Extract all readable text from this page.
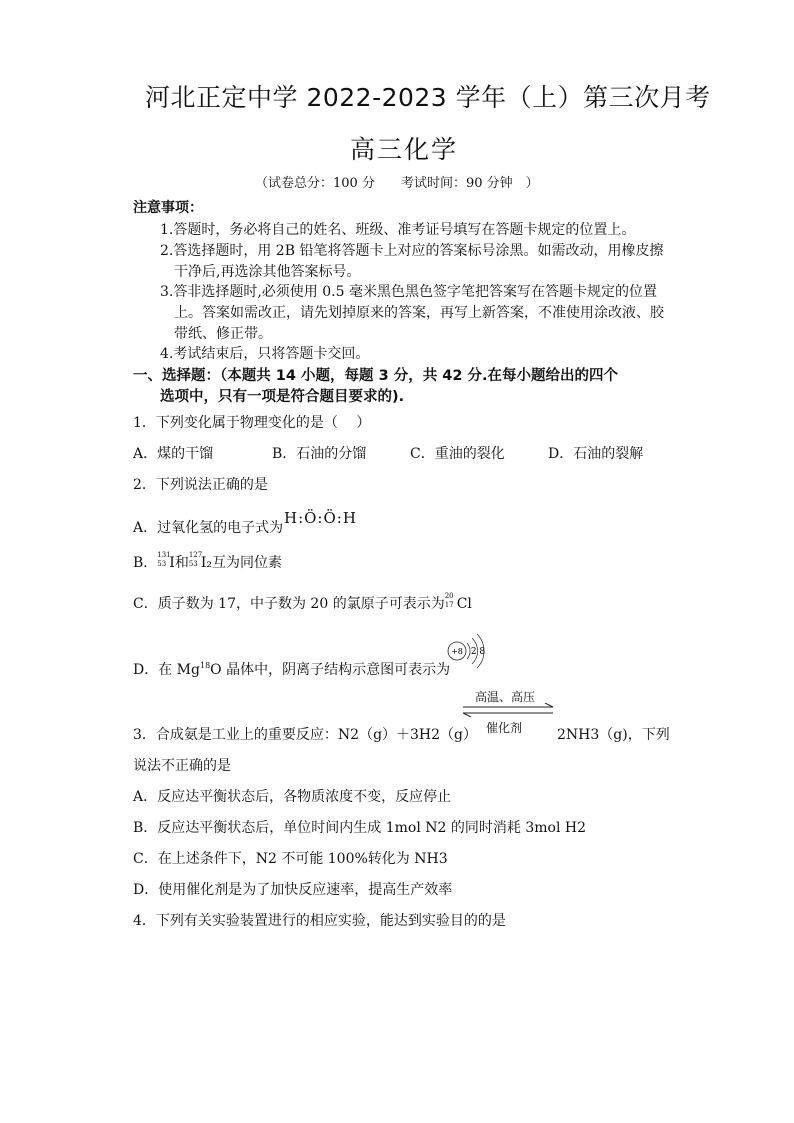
河北正定中学 2022-2023 学年（上）第三次月考
高三化学
（试卷总分：100 分　　考试时间：90 分钟　）
注意事项：
1.答题时，务必将自己的姓名、班级、准考证号填写在答题卡规定的位置上。
2.答选择题时，用 2B 铅笔将答题卡上对应的答案标号涂黑。如需改动，用橡皮擦
干净后,再选涂其他答案标号。
3.答非选择题时,必须使用 0.5 毫米黑色黑色签字笔把答案写在答题卡规定的位置
上。答案如需改正，请先划掉原来的答案，再写上新答案，不准使用涂改液、胶
带纸、修正带。
4.考试结束后，只将答题卡交回。
一、选择题：（本题共 14 小题，每题 3 分，共 42 分.在每小题给出的四个
选项中，只有一项是符合题目要求的).
1．下列变化属于物理变化的是（　 ）
A．煤的干馏	B．石油的分馏	C．重油的裂化	D．石油的裂解
2．下列说法正确的是
A．过氧化氢的电子式为
H:Ö:Ö:H
B． 131
53 I和 127
53 I₂互为同位素
C．质子数为 17，中子数为 20 的氯原子可表示为 20
17 Cl
D．在 Mg$^{18}$O 晶体中，阴离子结构示意图可表示为
+8 2 8
高温、高压
催化剂
3．合成氨是工业上的重要反应：N2（g）＋3H2（g）	2NH3（g)，下列
说法不正确的是
A．反应达平衡状态后，各物质浓度不变，反应停止
B．反应达平衡状态后，单位时间内生成 1mol N2 的同时消耗 3mol H2
C．在上述条件下，N2 不可能 100%转化为 NH3
D．使用催化剂是为了加快反应速率，提高生产效率
4．下列有关实验装置进行的相应实验，能达到实验目的的是
